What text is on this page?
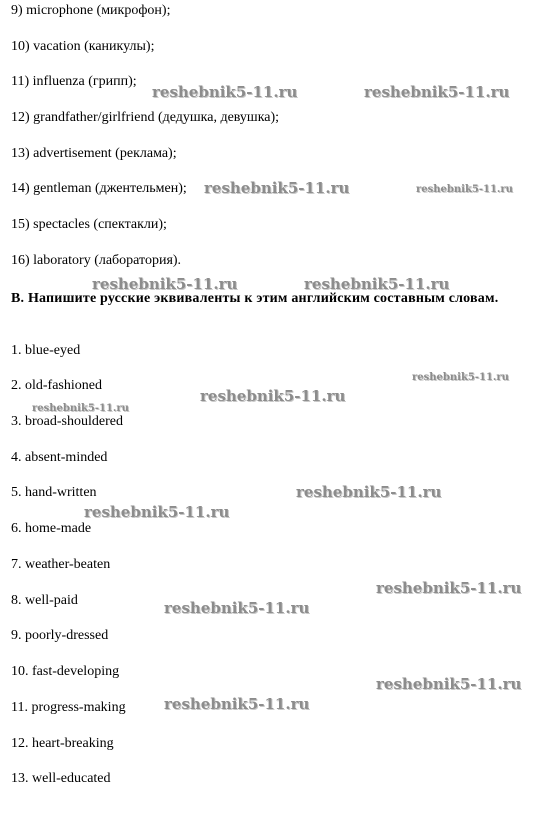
9) microphone (микрофон);
10) vacation (каникулы);
11) influenza (грипп);
12) grandfather/girlfriend (дедушка, девушка);
13) advertisement (реклама);
14) gentleman (джентельмен);
15) spectacles (спектакли);
16) laboratory (лаборатория).
B. Напишите русские эквиваленты к этим английским составным словам.
1. blue-eyed
2. old-fashioned
3. broad-shouldered
4. absent-minded
5. hand-written
6. home-made
7. weather-beaten
8. well-paid
9. poorly-dressed
10. fast-developing
11. progress-making
12. heart-breaking
13. well-educated
reshebnik5-11.ru	reshebnik5-11.ru
reshebnik5-11.ru	reshebnik5-11.ru
reshebnik5-11.ru	reshebnik5-11.ru
reshebnik5-11.ru
reshebnik5-11.ru
reshebnik5-11.ru
reshebnik5-11.ru
reshebnik5-11.ru
reshebnik5-11.ru
reshebnik5-11.ru
reshebnik5-11.ru
reshebnik5-11.ru
